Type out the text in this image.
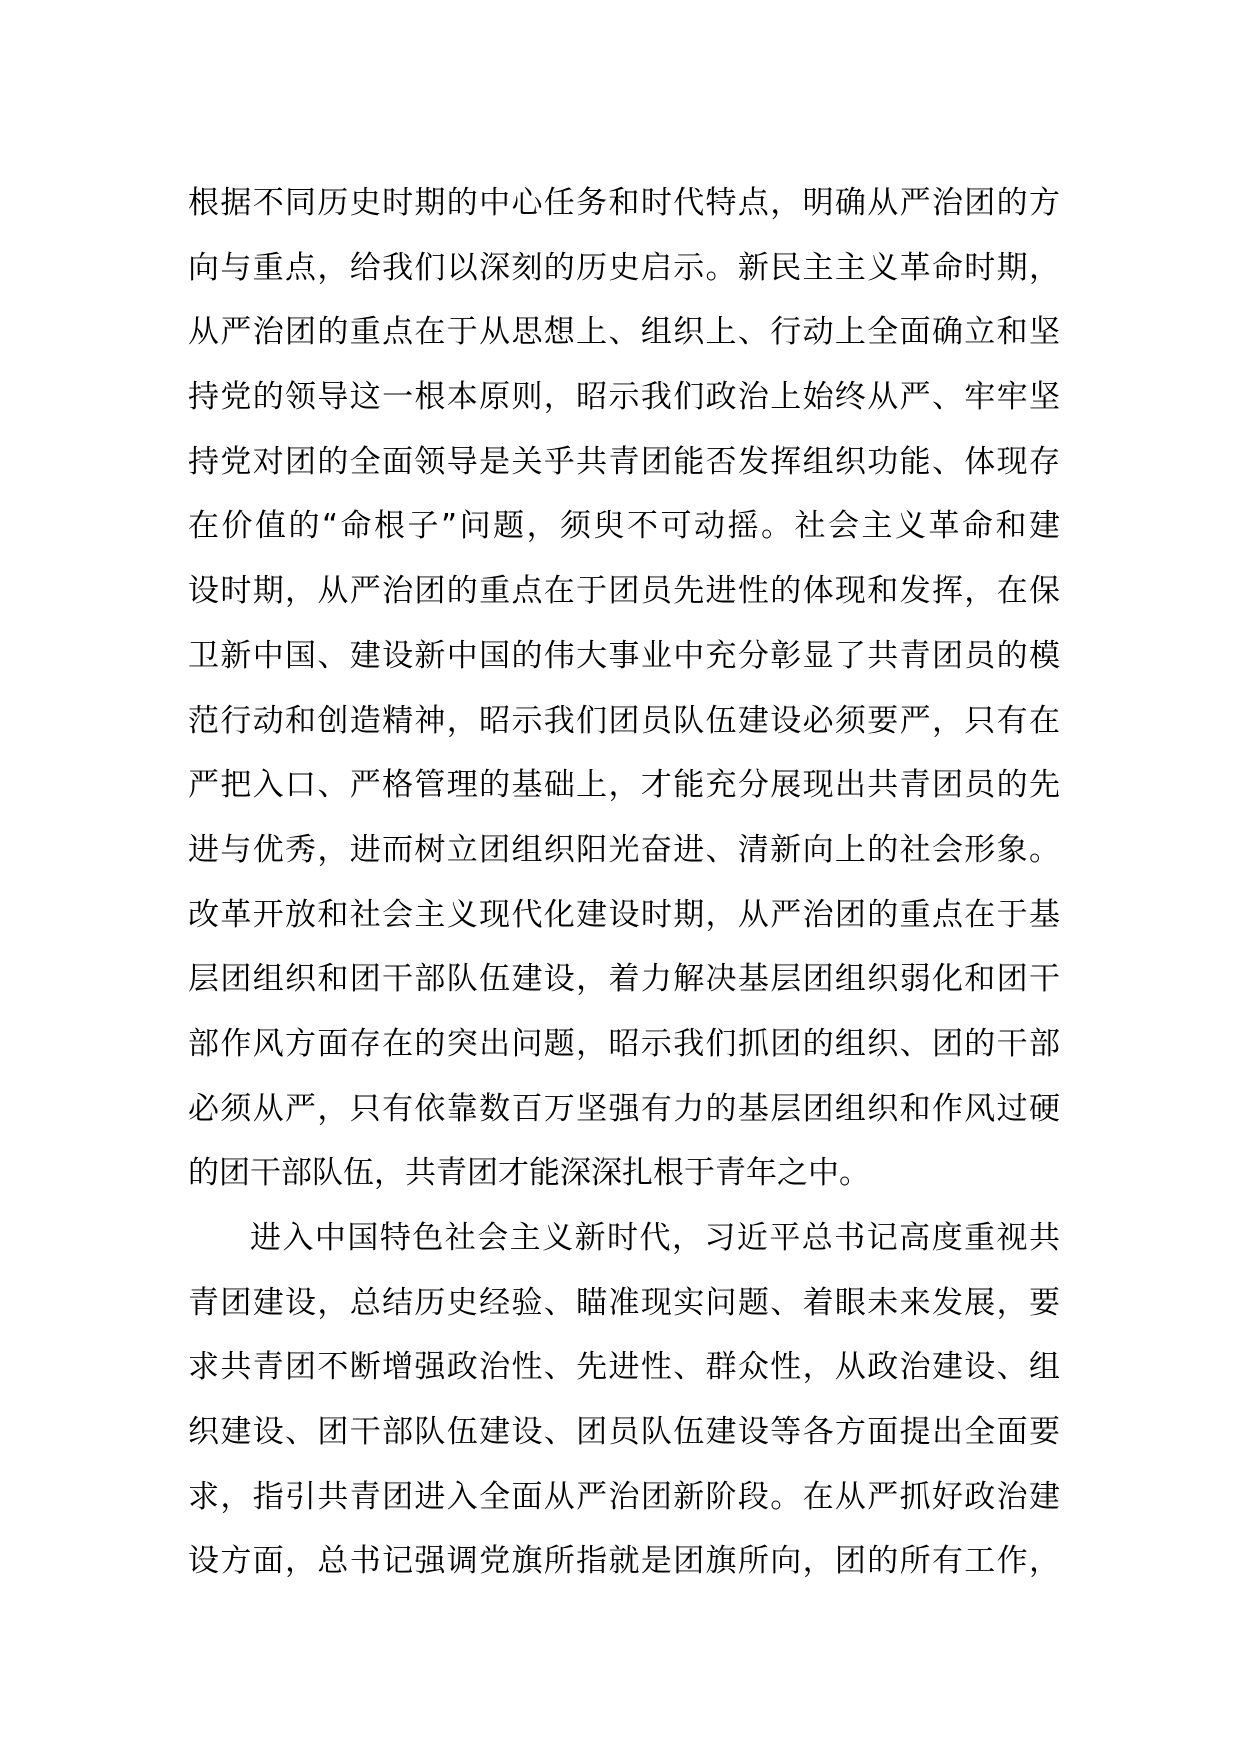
根据不同历史时期的中心任务和时代特点，明确从严治团的方
向与重点，给我们以深刻的历史启示。新民主主义革命时期，
从严治团的重点在于从思想上、组织上、行动上全面确立和坚
持党的领导这一根本原则，昭示我们政治上始终从严、牢牢坚
持党对团的全面领导是关乎共青团能否发挥组织功能、体现存
在价值的“命根子”问题，须臾不可动摇。社会主义革命和建
设时期，从严治团的重点在于团员先进性的体现和发挥，在保
卫新中国、建设新中国的伟大事业中充分彰显了共青团员的模
范行动和创造精神，昭示我们团员队伍建设必须要严，只有在
严把入口、严格管理的基础上，才能充分展现出共青团员的先
进与优秀，进而树立团组织阳光奋进、清新向上的社会形象。
改革开放和社会主义现代化建设时期，从严治团的重点在于基
层团组织和团干部队伍建设，着力解决基层团组织弱化和团干
部作风方面存在的突出问题，昭示我们抓团的组织、团的干部
必须从严，只有依靠数百万坚强有力的基层团组织和作风过硬
的团干部队伍，共青团才能深深扎根于青年之中。
进入中国特色社会主义新时代，习近平总书记高度重视共
青团建设，总结历史经验、瞄准现实问题、着眼未来发展，要
求共青团不断增强政治性、先进性、群众性，从政治建设、组
织建设、团干部队伍建设、团员队伍建设等各方面提出全面要
求，指引共青团进入全面从严治团新阶段。在从严抓好政治建
设方面，总书记强调党旗所指就是团旗所向，团的所有工作，
